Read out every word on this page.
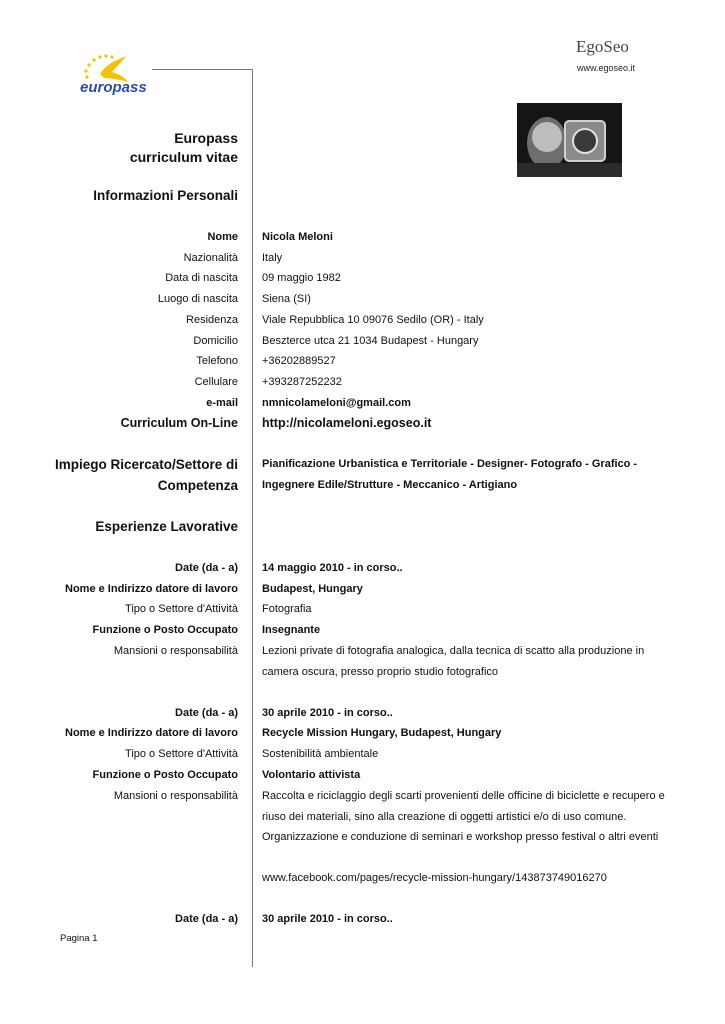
EgoSeo
www.egoseo.it
europass
Europass
curriculum vitae
Informazioni Personali
Nome Nicola Meloni
Nazionalità Italy
Data di nascita 09 maggio 1982
Luogo di nascita Siena (SI)
Residenza Viale Repubblica 10 09076 Sedilo (OR) - Italy
Domicilio Beszterce utca 21 1034 Budapest - Hungary
Telefono +36202889527
Cellulare +393287252232
e-mail nmnicolameloni@gmail.com
Curriculum On-Line http://nicolameloni.egoseo.it
Impiego Ricercato/Settore di
Competenza
Pianificazione Urbanistica e Territoriale - Designer- Fotografo - Grafico -
Ingegnere Edile/Strutture - Meccanico - Artigiano
Esperienze Lavorative
Date (da - a) 14 maggio 2010 - in corso..
Nome e Indirizzo datore di lavoro Budapest, Hungary
Tipo o Settore d'Attività Fotografia
Funzione o Posto Occupato Insegnante
Mansioni o responsabilità Lezioni private di fotografia analogica, dalla tecnica di scatto alla produzione in
camera oscura, presso proprio studio fotografico
Date (da - a) 30 aprile 2010 - in corso..
Nome e Indirizzo datore di lavoro Recycle Mission Hungary, Budapest, Hungary
Tipo o Settore d'Attività Sostenibilità ambientale
Funzione o Posto Occupato Volontario attivista
Mansioni o responsabilità Raccolta e riciclaggio degli scarti provenienti delle officine di biciclette e recupero e
riuso dei materiali, sino alla creazione di oggetti artistici e/o di uso comune.
Organizzazione e conduzione di seminari e workshop presso festival o altri eventi
www.facebook.com/pages/recycle-mission-hungary/143873749016270
Date (da - a) 30 aprile 2010 - in corso..
Pagina 1
